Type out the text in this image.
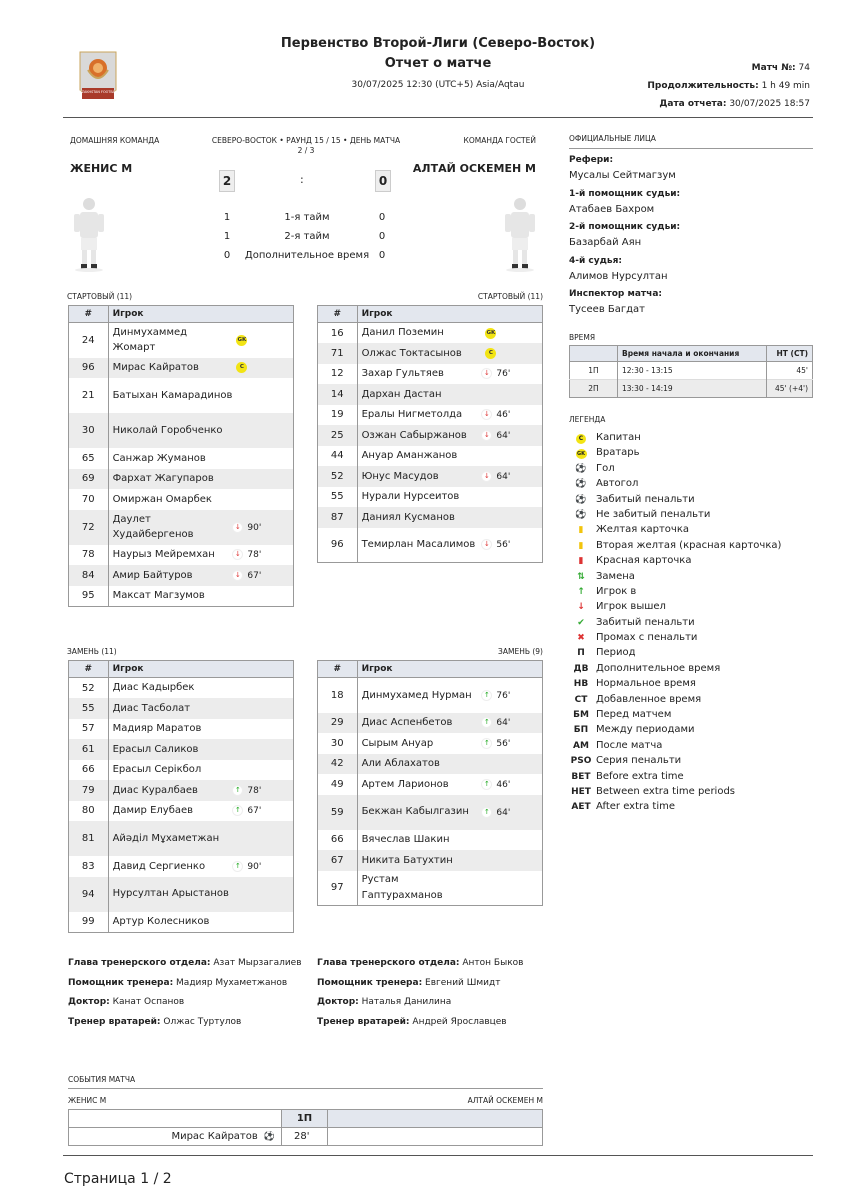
KAZAKHSTAN FOOTBALL
Первенство Второй-Лиги (Северо-Восток)
Отчет о матче
30/07/2025 12:30 (UTC+5) Asia/Aqtau
Матч №: 74
Продолжительность: 1 h 49 min
Дата отчета: 30/07/2025 18:57
ДОМАШНЯЯ КОМАНДА	СЕВЕРО-ВОСТОК • РАУНД 15 / 15 • ДЕНЬ МАТЧА
2 / 3
КОМАНДА ГОСТЕЙ
ЖЕНИС М	АЛТАЙ ОСКЕМЕН М
2	:	0
1	1-я тайм	0
1	2-я тайм	0
0 Дополнительное время 0
СТАРТОВЫЙ (11)	СТАРТОВЫЙ (11)
#	Игрок	
24	Динмухаммед Жомарт	GK
96	Мирас Кайратов	C
21	Батыхан Камарадинов	
30	Николай Горобченко	
65	Санжар Жуманов	
69	Фархат Жагупаров	
70	Омиржан Омарбек	
72	Даулет Худайбергенов	↓ 90'
78	Наурыз Мейремхан	↓ 78'
84	Амир Байтуров	↓ 67'
95	Максат Магзумов	
#	Игрок	
16	Данил Поземин	GK
71	Олжас Токтасынов	C
12	Захар Гультяев	↓ 76'
14	Дархан Дастан	
19	Ералы Нигметолда	↓ 46'
25	Озжан Сабыржанов	↓ 64'
44	Ануар Аманжанов	
52	Юнус Масудов	↓ 64'
55	Нурали Нурсеитов	
87	Даниял Кусманов	
96	Темирлан Масалимов	↓ 56'
ЗАМЕНЬ (11)	ЗАМЕНЬ (9)
#	Игрок	
52	Диас Кадырбек	
55	Диас Тасболат	
57	Мадияр Маратов	
61	Ерасыл Саликов	
66	Ерасыл Серікбол	
79	Диас Куралбаев	↑ 78'
80	Дамир Елубаев	↑ 67'
81	Айәділ Мұхаметжан	
83	Давид Сергиенко	↑ 90'
94	Нурсултан Арыстанов	
99	Артур Колесников	
#	Игрок	
18	Динмухамед Нурман	↑ 76'
29	Диас Аспенбетов	↑ 64'
30	Сырым Ануар	↑ 56'
42	Али Аблахатов	
49	Артем Ларионов	↑ 46'
59	Бекжан Кабылгазин	↑ 64'
66	Вячеслав Шакин	
67	Никита Батухтин	
97	Рустам Гаптурахманов	
ОФИЦИАЛЬНЫЕ ЛИЦА
Рефери:
Мусалы Сейтмагзум
1-й помощник судьи:
Атабаев Бахром
2-й помощник судьи:
Базарбай Аян
4-й судья:
Алимов Нурсултан
Инспектор матча:
Тусеев Багдат
ВРЕМЯ
	Время начала и окончания	НТ (СТ)
1П	12:30 - 13:15	45'
2П	13:30 - 14:19	45' (+4')
ЛЕГЕНДА
C Капитан
GK Вратарь
⚽ Гол
⚽ Автогол
⚽ Забитый пенальти
⚽ Не забитый пенальти
▮ Желтая карточка
▮ Вторая желтая (красная карточка)
▮ Красная карточка
⇅ Замена
↑ Игрок в
↓ Игрок вышел
✔ Забитый пенальти
✖ Промах с пенальти
П Период
ДВ Дополнительное время
НВ Нормальное время
СТ Добавленное время
БМ Перед матчем
БП Между периодами
АМ После матча
PSO Серия пенальти
BET Before extra time
HET Between extra time periods
AET After extra time
Глава тренерского отдела: Азат Мырзагалиев
Помощник тренера: Мадияр Мухаметжанов
Доктор: Канат Оспанов
Тренер вратарей: Олжас Туртулов
Глава тренерского отдела: Антон Быков
Помощник тренера: Евгений Шмидт
Доктор: Наталья Данилина
Тренер вратарей: Андрей Ярославцев
СОБЫТИЯ МАТЧА
ЖЕНИС М	АЛТАЙ ОСКЕМЕН М
	1П	
Мирас Кайратов ⚽	28'	
Страница 1 / 2
